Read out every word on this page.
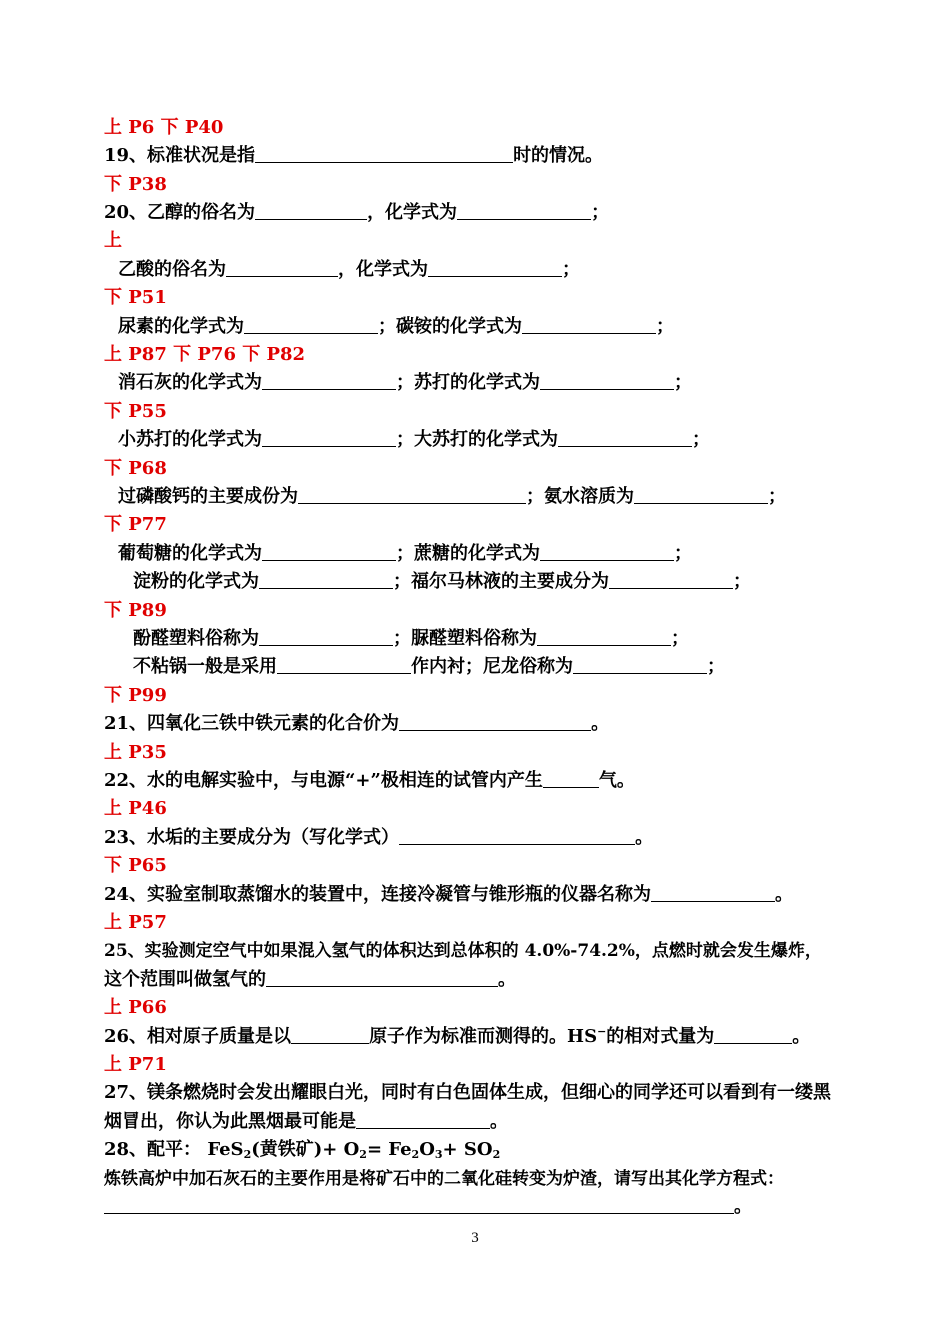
上 P6 下 P40
19、标准状况是指	时的情况。
下 P38
20、乙醇的俗名为	，化学式为	；
上
乙酸的俗名为	，化学式为	；
下 P51
尿素的化学式为	；碳铵的化学式为	；
上 P87 下 P76 下 P82
消石灰的化学式为	；苏打的化学式为	；
下 P55
小苏打的化学式为	；大苏打的化学式为	；
下 P68
过磷酸钙的主要成份为	；氨水溶质为	；
下 P77
葡萄糖的化学式为	；蔗糖的化学式为	；
淀粉的化学式为	；福尔马林液的主要成分为	；
下 P89
酚醛塑料俗称为	；脲醛塑料俗称为	；
不粘锅一般是采用	作内衬；尼龙俗称为	；
下 P99
21、四氧化三铁中铁元素的化合价为	。
上 P35
22、水的电解实验中，与电源“+”极相连的试管内产生	气。
上 P46
23、水垢的主要成分为（写化学式）	。
下 P65
24、实验室制取蒸馏水的装置中，连接冷凝管与锥形瓶的仪器名称为	。
上 P57
25、实验测定空气中如果混入氢气的体积达到总体积的 4.0%-74.2%，点燃时就会发生爆炸，
这个范围叫做氢气的	。
上 P66
26、相对原子质量是以	原子作为标准而测得的。HS−的相对式量为	。
上 P71
27、镁条燃烧时会发出耀眼白光，同时有白色固体生成，但细心的同学还可以看到有一缕黑
烟冒出，你认为此黑烟最可能是	。
28、配平： FeS$_2$(黄铁矿)+ $O_2= Fe_2O_3+ SO_2$
炼铁高炉中加石灰石的主要作用是将矿石中的二氧化硅转变为炉渣，请写出其化学方程式：
。
3
